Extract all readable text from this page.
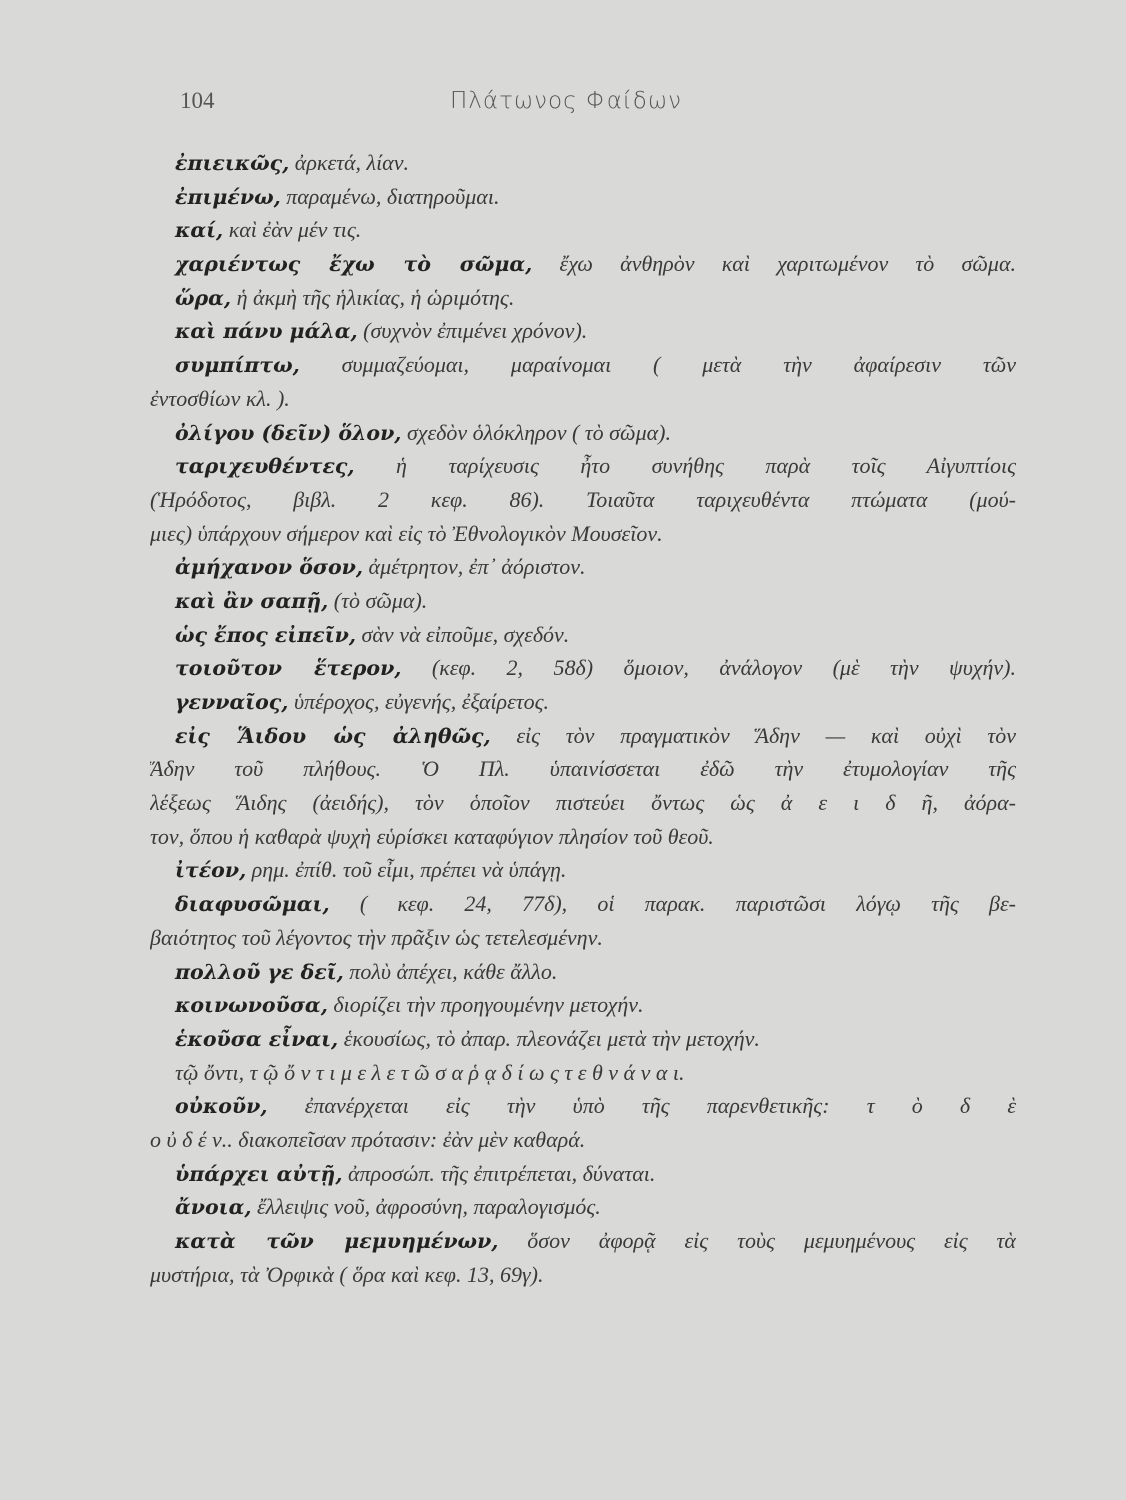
104	Πλάτωνος Φαίδων
ἐπιεικῶς, ἀρκετά, λίαν.
ἐπιμένω, παραμένω, διατηροῦμαι.
καί, καὶ ἐὰν μέν τις.
χαριέντως ἔχω τὸ σῶμα, ἔχω ἀνθηρὸν καὶ χαριτωμένον τὸ σῶμα.
ὥρα, ἡ ἀκμὴ τῆς ἡλικίας, ἡ ὡριμότης.
καὶ πάνυ μάλα, (συχνὸν ἐπιμένει χρόνον).
συμπίπτω, συμμαζεύομαι, μαραίνομαι ( μετὰ τὴν ἀφαίρεσιν τῶν
ἐντοσθίων κλ. ).
ὀλίγου (δεῖν) ὅλον, σχεδὸν ὁλόκληρον ( τὸ σῶμα).
ταριχευθέντες, ἡ ταρίχευσις ἦτο συνήθης παρὰ τοῖς Αἰγυπτίοις
(Ἡρόδοτος, βιβλ. 2 κεφ. 86). Τοιαῦτα ταριχευθέντα πτώματα (μού-
μιες) ὑπάρχουν σήμερον καὶ εἰς τὸ Ἐθνολογικὸν Μουσεῖον.
ἀμήχανον ὅσον, ἀμέτρητον, ἐπ᾽ ἀόριστον.
καὶ ἂν σαπῇ, (τὸ σῶμα).
ὡς ἔπος εἰπεῖν, σὰν νὰ εἰποῦμε, σχεδόν.
τοιοῦτον ἕτερον, (κεφ. 2, 58δ) ὅμοιον, ἀνάλογον (μὲ τὴν ψυχήν).
γενναῖος, ὑπέροχος, εὐγενής, ἐξαίρετος.
εἰς Ἅιδου ὡς ἀληθῶς, εἰς τὸν πραγματικὸν Ἅδην — καὶ οὐχὶ τὸν
Ἅδην τοῦ πλήθους. Ὁ Πλ. ὑπαινίσσεται ἐδῶ τὴν ἐτυμολογίαν τῆς
λέξεως Ἅιδης (ἀειδής), τὸν ὁποῖον πιστεύει ὄντως ὡς ἀ ε ι δ ῆ, ἀόρα-
τον, ὅπου ἡ καθαρὰ ψυχὴ εὑρίσκει καταφύγιον πλησίον τοῦ θεοῦ.
ἰτέον, ρημ. ἐπίθ. τοῦ εἶμι, πρέπει νὰ ὑπάγῃ.
διαφυσῶμαι, ( κεφ. 24, 77δ), οἱ παρακ. παριστῶσι λόγῳ τῆς βε-
βαιότητος τοῦ λέγοντος τὴν πρᾶξιν ὡς τετελεσμένην.
πολλοῦ γε δεῖ, πολὺ ἀπέχει, κάθε ἄλλο.
κοινωνοῦσα, διορίζει τὴν προηγουμένην μετοχήν.
ἑκοῦσα εἶναι, ἑκουσίως, τὸ ἀπαρ. πλεονάζει μετὰ τὴν μετοχήν.
τῷ ὄντι, τ ῷ ὄ ν τ ι μ ε λ ε τ ῶ σ α ῥ ᾳ δ ί ω ς τ ε θ ν ά ν α ι.
οὐκοῦν, ἐπανέρχεται εἰς τὴν ὑπὸ τῆς παρενθετικῆς: τ ὸ δ ὲ
ο ὐ δ έ ν.. διακοπεῖσαν πρότασιν: ἐὰν μὲν καθαρά.
ὑπάρχει αὐτῇ, ἀπροσώπ. τῆς ἐπιτρέπεται, δύναται.
ἄνοια, ἔλλειψις νοῦ, ἀφροσύνη, παραλογισμός.
κατὰ τῶν μεμυημένων, ὅσον ἀφορᾷ εἰς τοὺς μεμυημένους εἰς τὰ
μυστήρια, τὰ Ὀρφικὰ ( ὅρα καὶ κεφ. 13, 69γ).
